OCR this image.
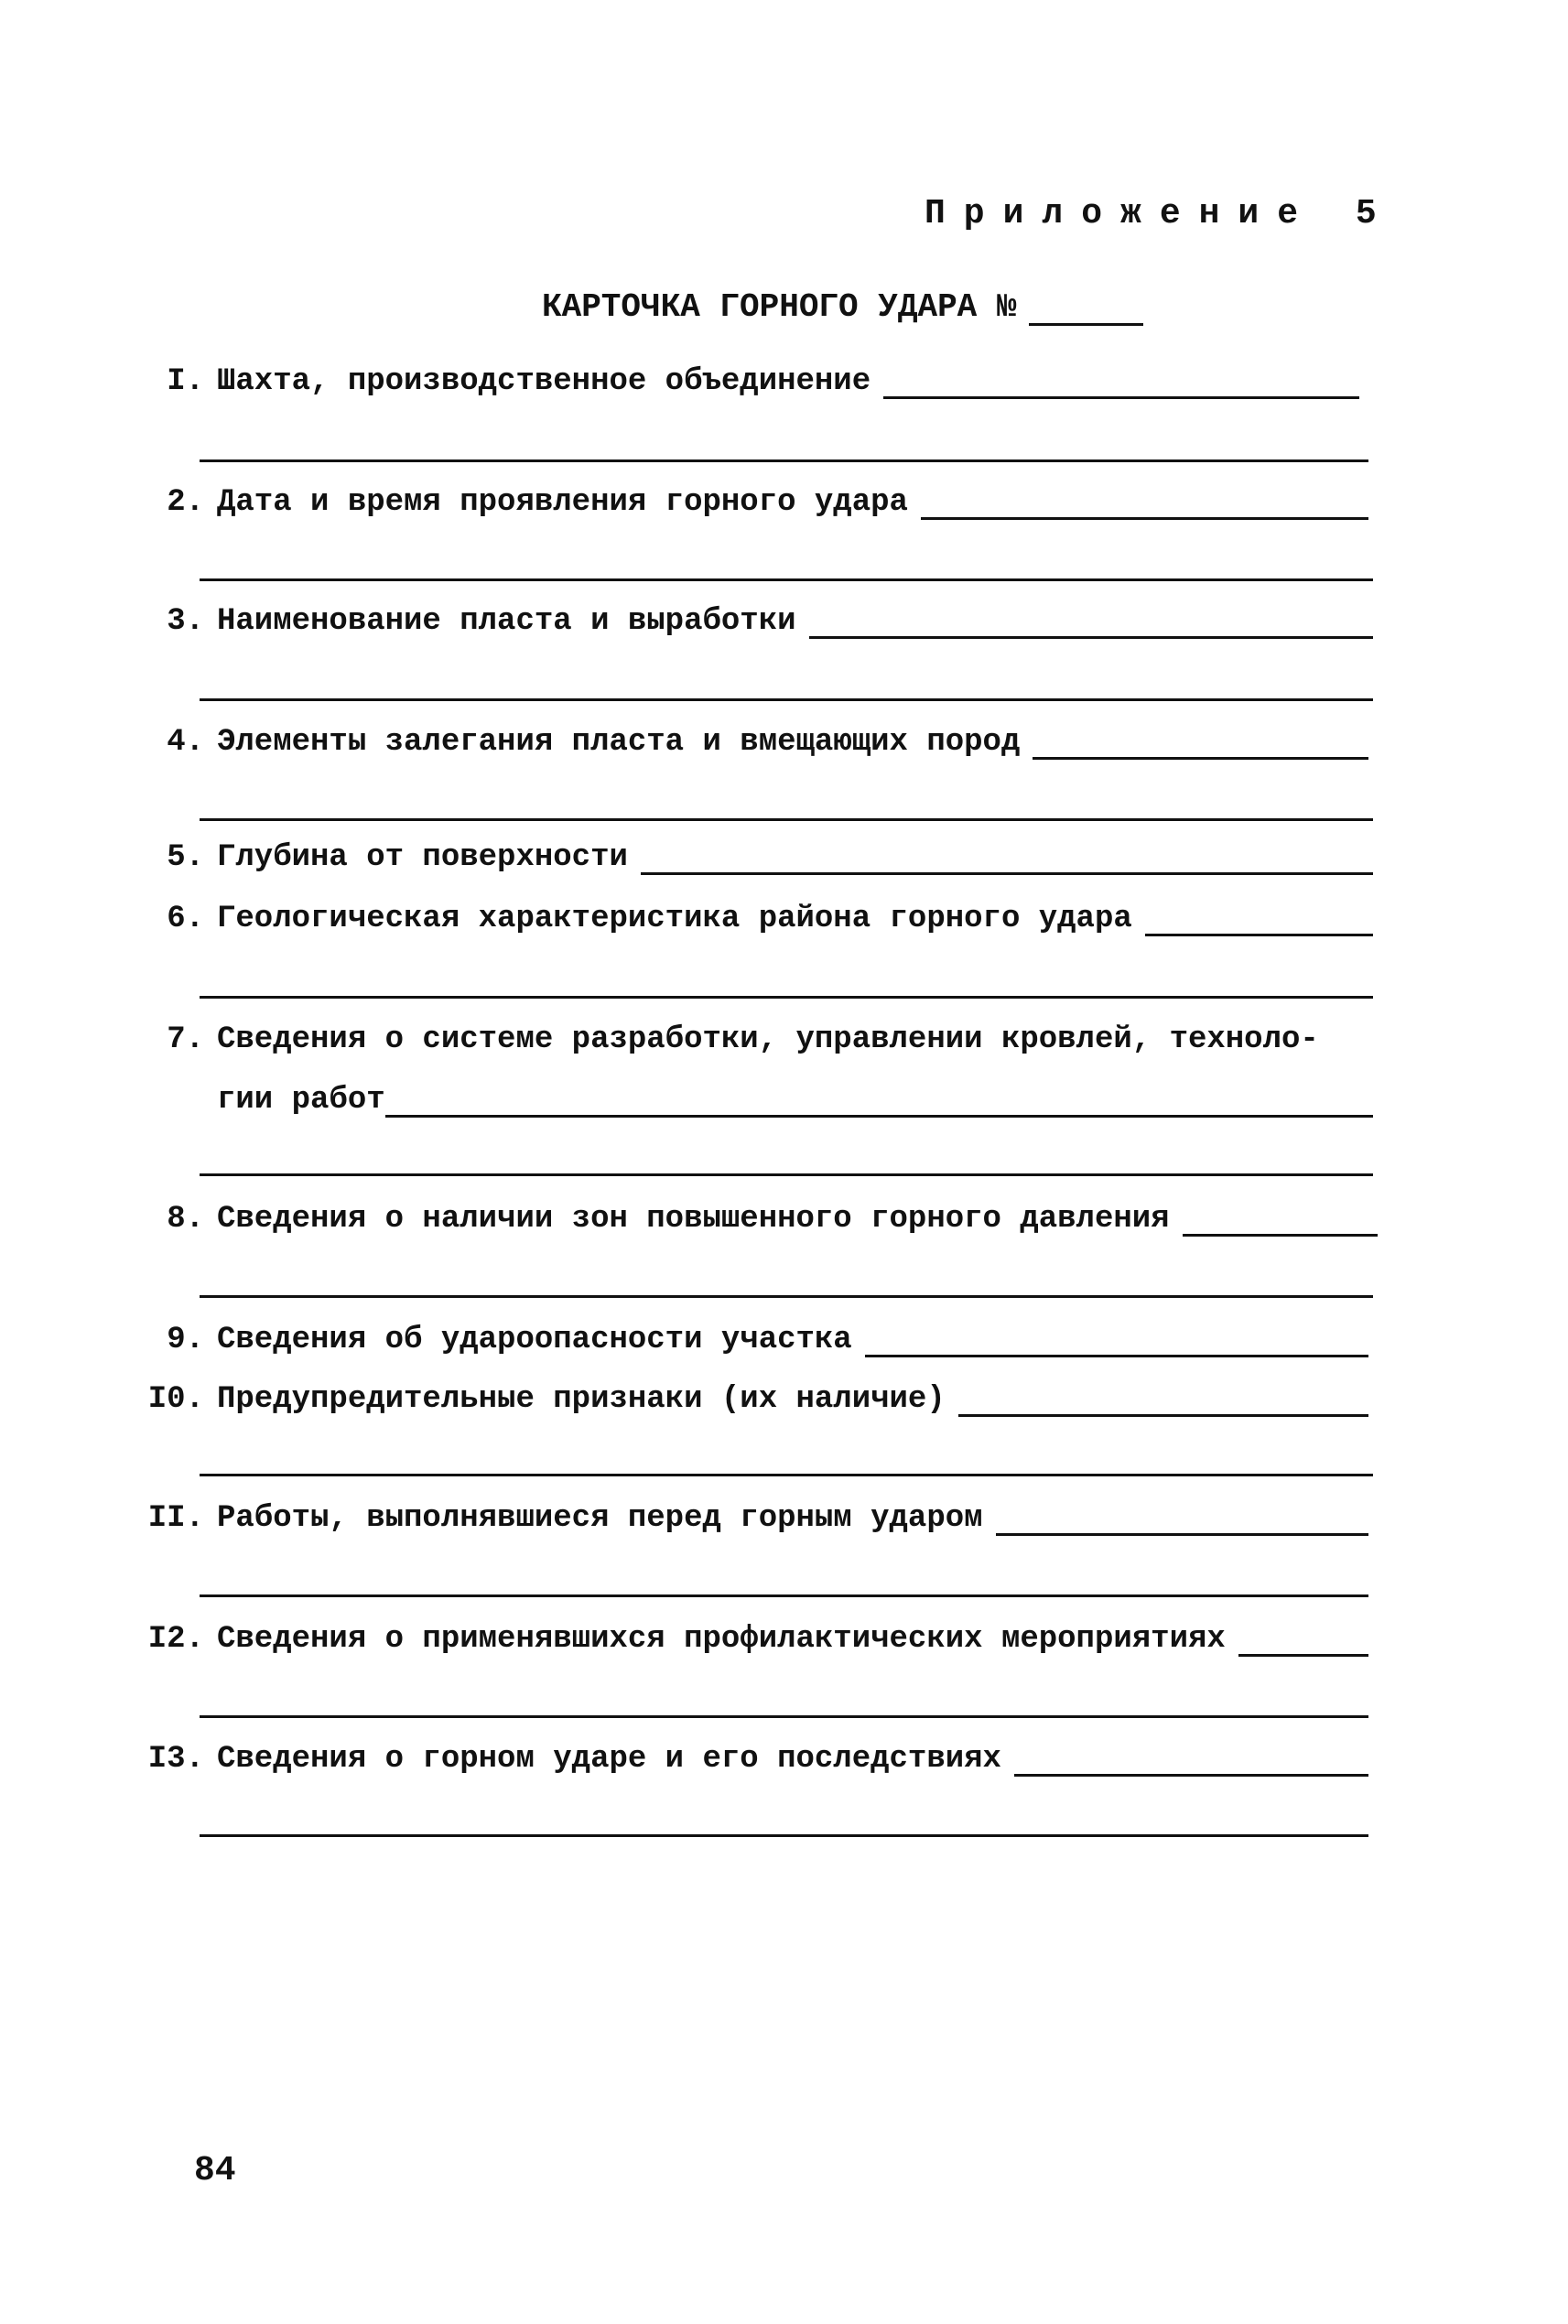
Приложение 5
КАРТОЧКА ГОРНОГО УДАРА №
I. Шахта, производственное объединение
2. Дата и время проявления горного удара
3. Наименование пласта и выработки
4. Элементы залегания пласта и вмещающих пород
5. Глубина от поверхности
6. Геологическая характеристика района горного удара
7. Сведения о системе разработки, управлении кровлей, техноло-
гии работ
8. Сведения о наличии зон повышенного горного давления
9. Сведения об удароопасности участка
I0. Предупредительные признаки (их наличие)
II. Работы, выполнявшиеся перед горным ударом
I2. Сведения о применявшихся профилактических мероприятиях
I3. Сведения о горном ударе и его последствиях
84
